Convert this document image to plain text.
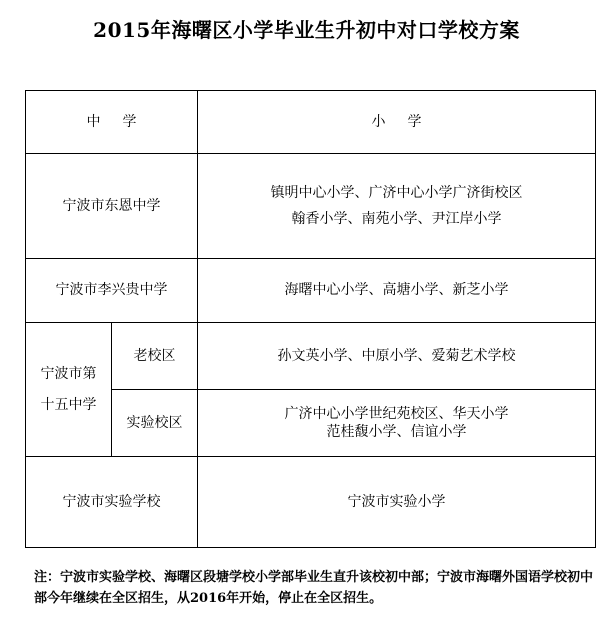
2015年海曙区小学毕业生升初中对口学校方案
中学		小学
宁波市东恩中学		镇明中心小学、广济中心小学广济街校区
翰香小学、南苑小学、尹江岸小学

宁波市李兴贵中学		海曙中心小学、高塘小学、新芝小学

宁波市第
十五中学	老校区	孙文英小学、中原小学、爱菊艺术学校
	实验校区	广济中心小学世纪苑校区、华天小学
范桂馥小学、信谊小学

宁波市实验学校		宁波市实验小学
注：宁波市实验学校、海曙区段塘学校小学部毕业生直升该校初中部；宁波市海曙外国语学校初中部今年继续在全区招生，从2016年开始，停止在全区招生。
